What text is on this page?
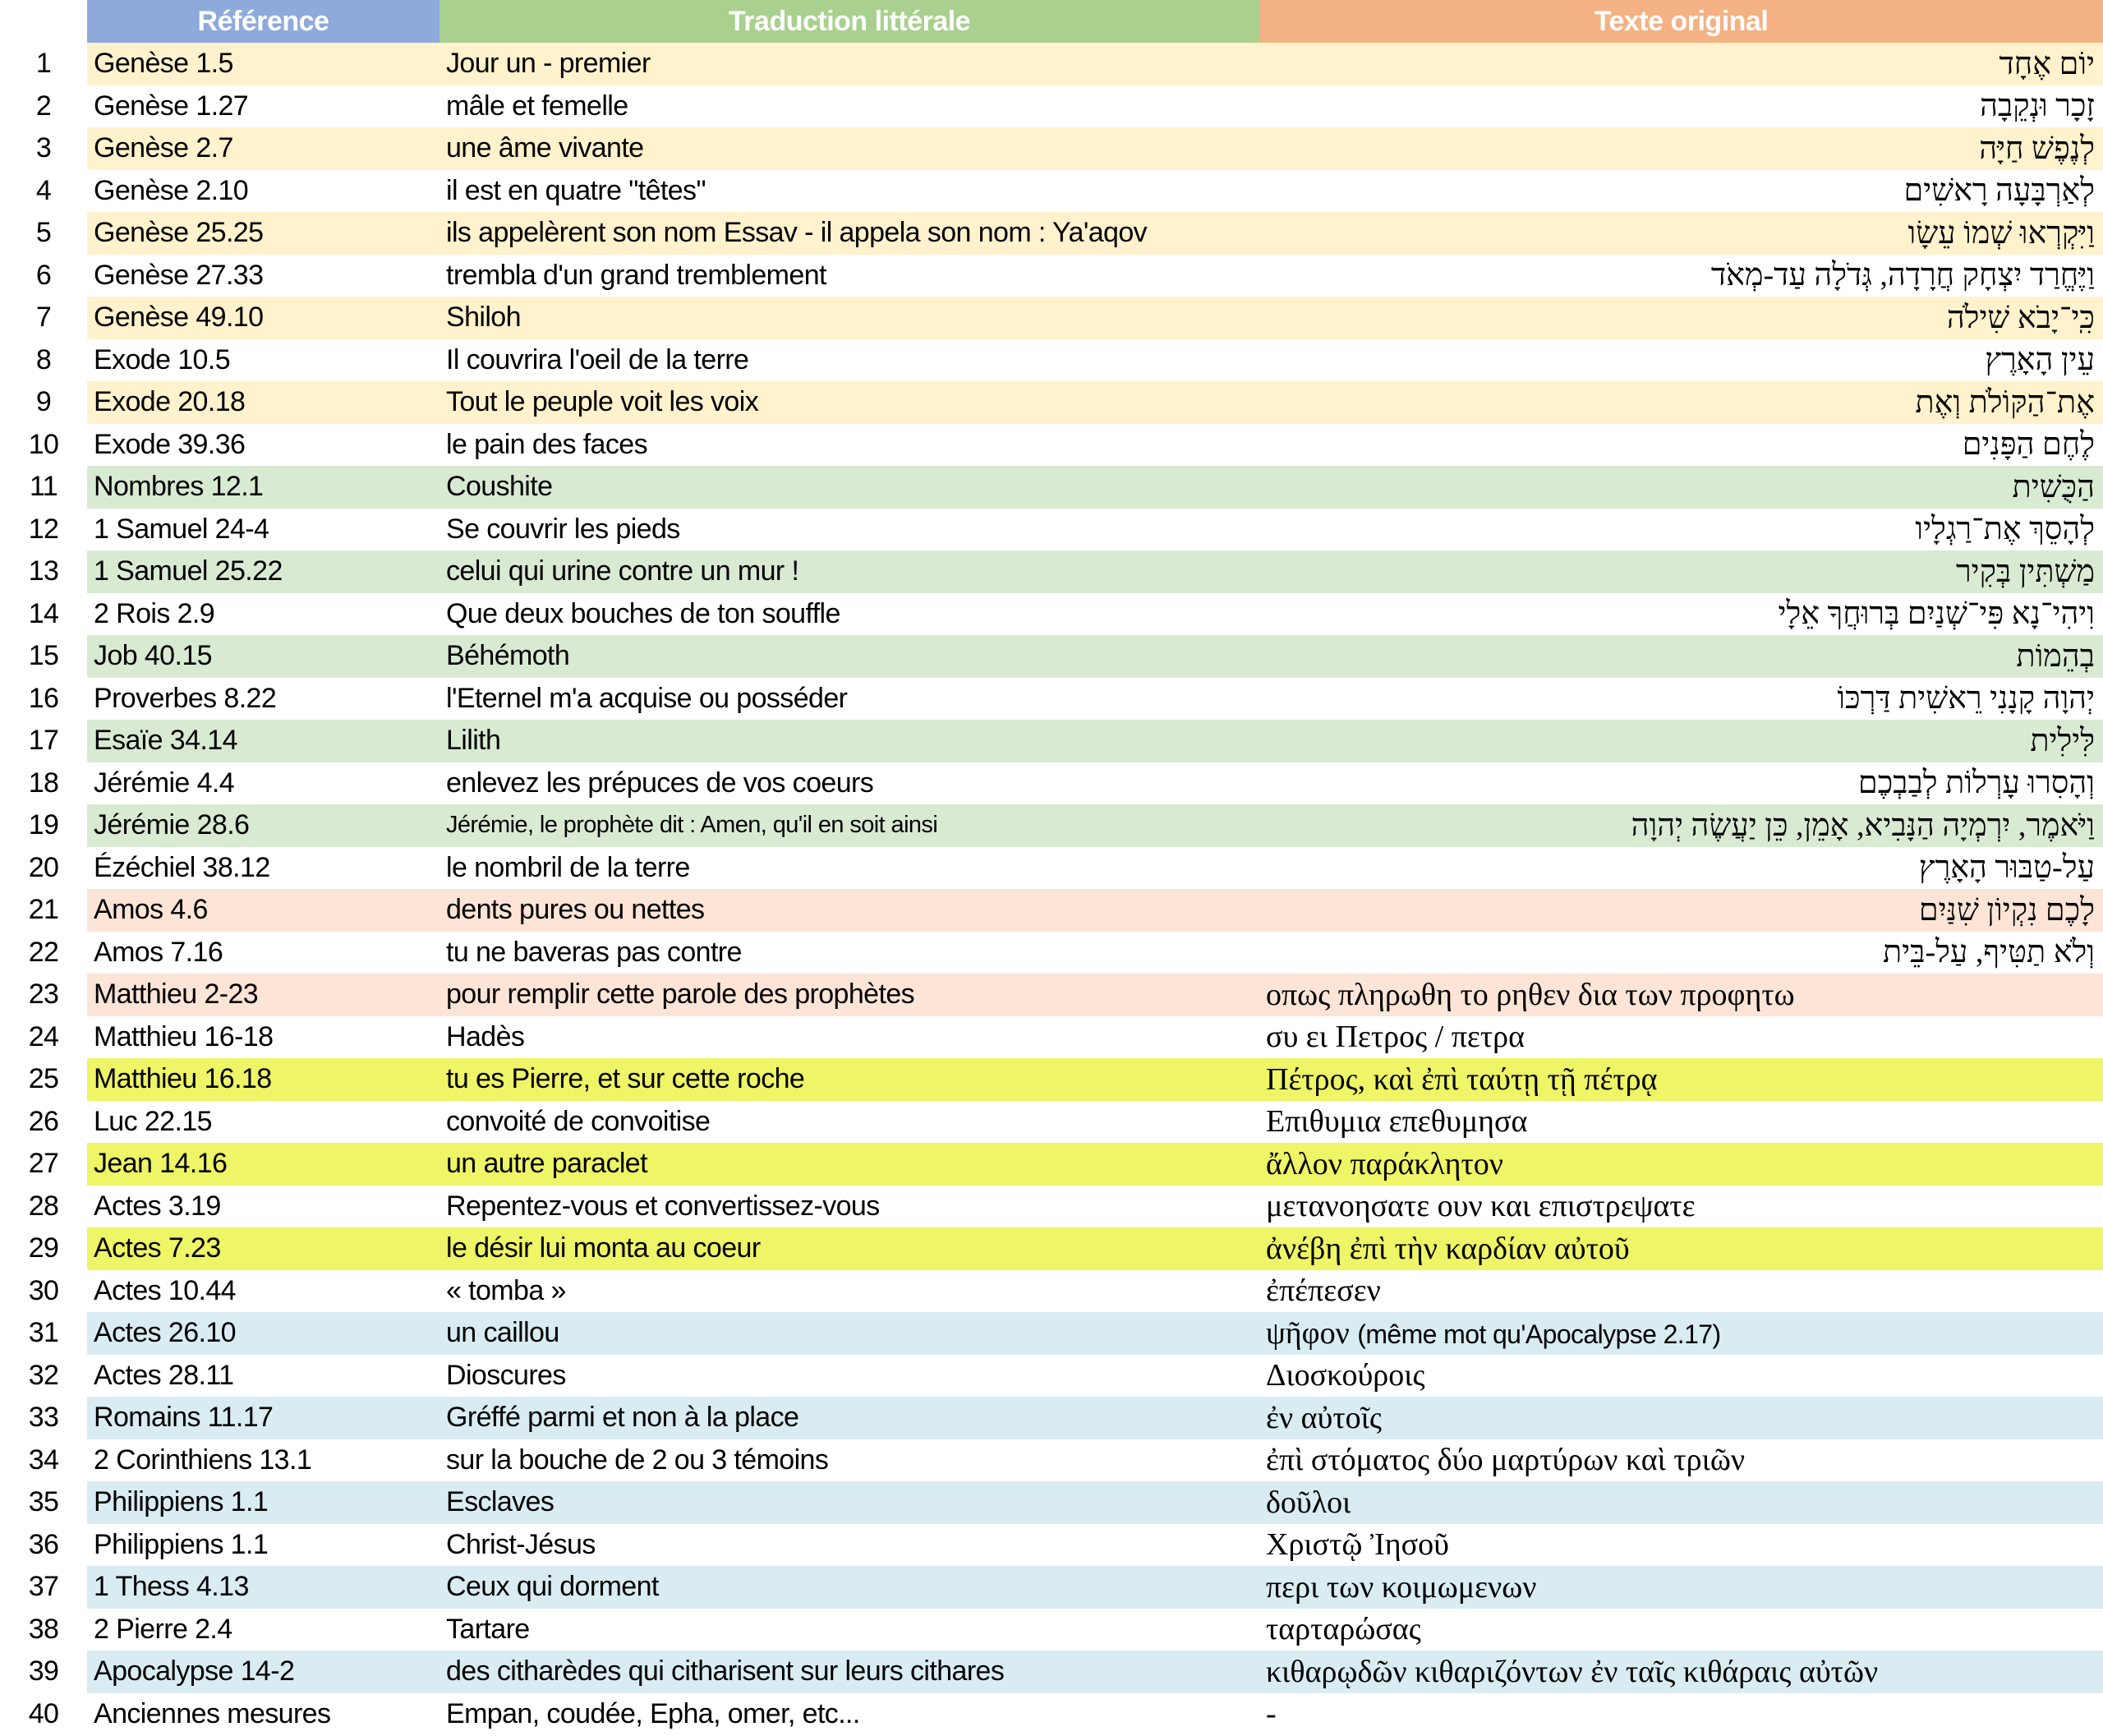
	Référence	Traduction littérale	Texte original
1	Genèse 1.5	Jour un - premier	יוֹם אֶחָד
2	Genèse 1.27	mâle et femelle	זָכָר וּנְקֵבָה
3	Genèse 2.7	une âme vivante	לְנֶפֶשׁ חַיָּה
4	Genèse 2.10	il est en quatre "têtes"	לְאַרְבָּעָה רָאשִׁים
5	Genèse 25.25	ils appelèrent son nom Essav - il appela son nom : Ya'aqov	וַיִּקְרְאוּ שְׁמוֹ עֵשָׂו
6	Genèse 27.33	trembla d'un grand tremblement	וַיֶּחֱרַד יִצְחָק חֲרָדָה, גְּדֹלָה עַד-מְאֹד
7	Genèse 49.10	Shiloh	כִּֽי־יָבֹא שִׁילֹה
8	Exode 10.5	Il couvrira l'oeil de la terre	עֵין הָאָרֶץ
9	Exode 20.18	Tout le peuple voit les voix	אֶת־הַקּוֹלֹת וְאֶת
10	Exode 39.36	le pain des faces	לֶחֶם הַפָּנִים
11	Nombres 12.1	Coushite	הַכֻּשִׁית
12	1 Samuel 24-4	Se couvrir les pieds	לְהָסֵךְ אֶת־רַגְלָיו
13	1 Samuel 25.22	celui qui urine contre un mur !	מַשְׁתִּין בְּקִיר
14	2 Rois 2.9	Que deux bouches de ton souffle	וִיהִי־נָא פִּי־שְׁנַיִם בְּרוּחֲךָ אֵלָי
15	Job 40.15	Béhémoth	בְהֵמוֹת
16	Proverbes 8.22	l'Eternel m'a acquise ou posséder	יְהוָה קָנָנִי רֵאשִׁית דַּרְכּוֹ
17	Esaïe 34.14	Lilith	לִּילִית
18	Jérémie 4.4	enlevez les prépuces de vos coeurs	וְהָסִרוּ עָרְלוֹת לְבַבְכֶם
19	Jérémie 28.6	Jérémie, le prophète dit : Amen, qu'il en soit ainsi	וַיֹּאמֶר, יִרְמְיָה הַנָּבִיא, אָמֵן, כֵּן יַעֲשֶׂה יְהוָה
20	Ézéchiel 38.12	le nombril de la terre	עַל-טַבּוּר הָאָרֶץ
21	Amos 4.6	dents pures ou nettes	לָכֶם נִקְיוֹן שִׁנַּיִם
22	Amos 7.16	tu ne baveras pas contre	וְלֹא תַטִּיף, עַל-בֵּית
23	Matthieu 2-23	pour remplir cette parole des prophètes	οπως πληρωθη το ρηθεν δια των προφητω
24	Matthieu 16-18	Hadès	συ ει Πετρος / πετρα
25	Matthieu 16.18	tu es Pierre, et sur cette roche	Πέτρος, καὶ ἐπὶ ταύτῃ τῇ πέτρᾳ
26	Luc 22.15	convoité de convoitise	Επιθυμια επεθυμησα
27	Jean 14.16	un autre paraclet	ἄλλον παράκλητον
28	Actes 3.19	Repentez-vous et convertissez-vous	μετανοησατε ουν και επιστρεψατε
29	Actes 7.23	le désir lui monta au coeur	ἀνέβη ἐπὶ τὴν καρδίαν αὐτοῦ
30	Actes 10.44	« tomba »	ἐπέπεσεν
31	Actes 26.10	un caillou	ψῆφον (même mot qu'Apocalypse 2.17)
32	Actes 28.11	Dioscures	Διοσκούροις
33	Romains 11.17	Gréffé parmi et non à la place	ἐν αὐτοῖς
34	2 Corinthiens 13.1	sur la bouche de 2 ou 3 témoins	ἐπὶ στόματος δύο μαρτύρων καὶ τριῶν
35	Philippiens 1.1	Esclaves	δοῦλοι
36	Philippiens 1.1	Christ-Jésus	Χριστῷ Ἰησοῦ
37	1 Thess 4.13	Ceux qui dorment	περι των κοιμωμενων
38	2 Pierre 2.4	Tartare	ταρταρώσας
39	Apocalypse 14-2	des citharèdes qui citharisent sur leurs cithares	κιθαρῳδῶν κιθαριζόντων ἐν ταῖς κιθάραις αὐτῶν
40	Anciennes mesures	Empan, coudée, Epha, omer, etc...	-
